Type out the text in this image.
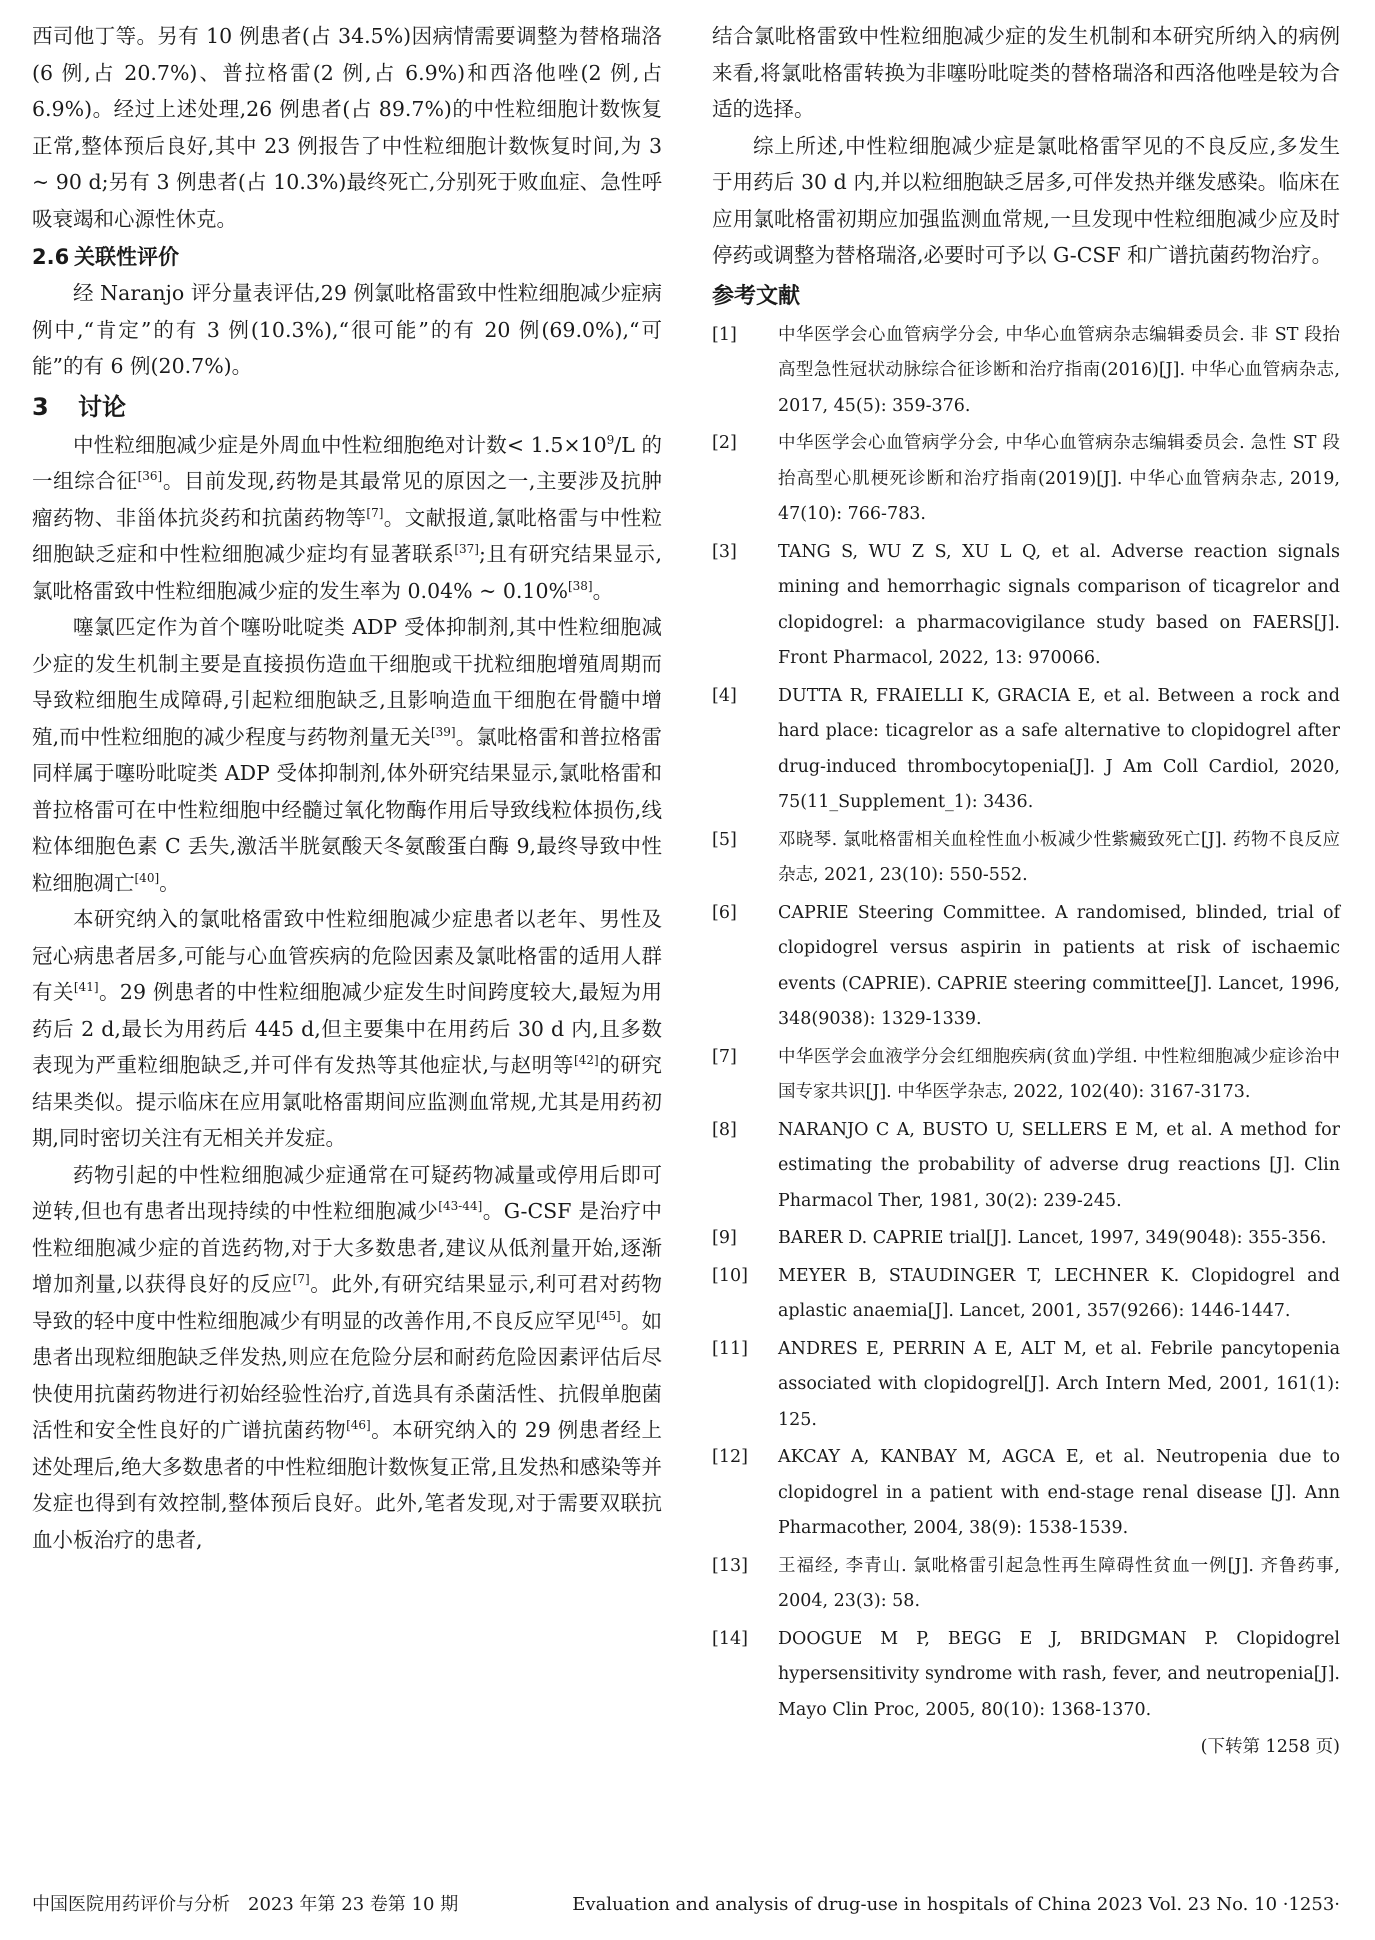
西司他丁等。另有 10 例患者(占 34.5%)因病情需要调整为替格瑞洛(6 例,占 20.7%)、普拉格雷(2 例,占 6.9%)和西洛他唑(2 例,占 6.9%)。经过上述处理,26 例患者(占 89.7%)的中性粒细胞计数恢复正常,整体预后良好,其中 23 例报告了中性粒细胞计数恢复时间,为 3 ~ 90 d;另有 3 例患者(占 10.3%)最终死亡,分别死于败血症、急性呼吸衰竭和心源性休克。

2.6 关联性评价

经 Naranjo 评分量表评估,29 例氯吡格雷致中性粒细胞减少症病例中,“肯定”的有 3 例(10.3%),“很可能”的有 20 例(69.0%),“可能”的有 6 例(20.7%)。

3 讨论

中性粒细胞减少症是外周血中性粒细胞绝对计数< $1.5\times 10^9/L$ 的一组综合征[36]。目前发现,药物是其最常见的原因之一,主要涉及抗肿瘤药物、非甾体抗炎药和抗菌药物等[7]。文献报道,氯吡格雷与中性粒细胞缺乏症和中性粒细胞减少症均有显著联系[37];且有研究结果显示,氯吡格雷致中性粒细胞减少症的发生率为 0.04% ~ 0.10%[38]。

噻氯匹定作为首个噻吩吡啶类 ADP 受体抑制剂,其中性粒细胞减少症的发生机制主要是直接损伤造血干细胞或干扰粒细胞增殖周期而导致粒细胞生成障碍,引起粒细胞缺乏,且影响造血干细胞在骨髓中增殖,而中性粒细胞的减少程度与药物剂量无关[39]。氯吡格雷和普拉格雷同样属于噻吩吡啶类 ADP 受体抑制剂,体外研究结果显示,氯吡格雷和普拉格雷可在中性粒细胞中经髓过氧化物酶作用后导致线粒体损伤,线粒体细胞色素 C 丢失,激活半胱氨酸天冬氨酸蛋白酶 9,最终导致中性粒细胞凋亡[40]。

本研究纳入的氯吡格雷致中性粒细胞减少症患者以老年、男性及冠心病患者居多,可能与心血管疾病的危险因素及氯吡格雷的适用人群有关[41]。29 例患者的中性粒细胞减少症发生时间跨度较大,最短为用药后 2 d,最长为用药后 445 d,但主要集中在用药后 30 d 内,且多数表现为严重粒细胞缺乏,并可伴有发热等其他症状,与赵明等[42]的研究结果类似。提示临床在应用氯吡格雷期间应监测血常规,尤其是用药初期,同时密切关注有无相关并发症。

药物引起的中性粒细胞减少症通常在可疑药物减量或停用后即可逆转,但也有患者出现持续的中性粒细胞减少[43-44]。G-CSF 是治疗中性粒细胞减少症的首选药物,对于大多数患者,建议从低剂量开始,逐渐增加剂量,以获得良好的反应[7]。此外,有研究结果显示,利可君对药物导致的轻中度中性粒细胞减少有明显的改善作用,不良反应罕见[45]。如患者出现粒细胞缺乏伴发热,则应在危险分层和耐药危险因素评估后尽快使用抗菌药物进行初始经验性治疗,首选具有杀菌活性、抗假单胞菌活性和安全性良好的广谱抗菌药物[46]。本研究纳入的 29 例患者经上述处理后,绝大多数患者的中性粒细胞计数恢复正常,且发热和感染等并发症也得到有效控制,整体预后良好。此外,笔者发现,对于需要双联抗血小板治疗的患者,

结合氯吡格雷致中性粒细胞减少症的发生机制和本研究所纳入的病例来看,将氯吡格雷转换为非噻吩吡啶类的替格瑞洛和西洛他唑是较为合适的选择。

综上所述,中性粒细胞减少症是氯吡格雷罕见的不良反应,多发生于用药后 30 d 内,并以粒细胞缺乏居多,可伴发热并继发感染。临床在应用氯吡格雷初期应加强监测血常规,一旦发现中性粒细胞减少应及时停药或调整为替格瑞洛,必要时可予以 G-CSF 和广谱抗菌药物治疗。

参考文献
[1]	中华医学会心血管病学分会, 中华心血管病杂志编辑委员会. 非 ST 段抬高型急性冠状动脉综合征诊断和治疗指南(2016)[J]. 中华心血管病杂志, 2017, 45(5): 359-376.
[2]	中华医学会心血管病学分会, 中华心血管病杂志编辑委员会. 急性 ST 段抬高型心肌梗死诊断和治疗指南(2019)[J]. 中华心血管病杂志, 2019, 47(10): 766-783.
[3]	TANG S, WU Z S, XU L Q, et al. Adverse reaction signals mining and hemorrhagic signals comparison of ticagrelor and clopidogrel: a pharmacovigilance study based on FAERS[J]. Front Pharmacol, 2022, 13: 970066.
[4]	DUTTA R, FRAIELLI K, GRACIA E, et al. Between a rock and hard place: ticagrelor as a safe alternative to clopidogrel after drug-induced thrombocytopenia[J]. J Am Coll Cardiol, 2020, 75(11_Supplement_1): 3436.
[5]	邓晓琴. 氯吡格雷相关血栓性血小板减少性紫癜致死亡[J]. 药物不良反应杂志, 2021, 23(10): 550-552.
[6]	CAPRIE Steering Committee. A randomised, blinded, trial of clopidogrel versus aspirin in patients at risk of ischaemic events (CAPRIE). CAPRIE steering committee[J]. Lancet, 1996, 348(9038): 1329-1339.
[7]	中华医学会血液学分会红细胞疾病(贫血)学组. 中性粒细胞减少症诊治中国专家共识[J]. 中华医学杂志, 2022, 102(40): 3167-3173.
[8]	NARANJO C A, BUSTO U, SELLERS E M, et al. A method for estimating the probability of adverse drug reactions [J]. Clin Pharmacol Ther, 1981, 30(2): 239-245.
[9]	BARER D. CAPRIE trial[J]. Lancet, 1997, 349(9048): 355-356.
[10]	MEYER B, STAUDINGER T, LECHNER K. Clopidogrel and aplastic anaemia[J]. Lancet, 2001, 357(9266): 1446-1447.
[11]	ANDRES E, PERRIN A E, ALT M, et al. Febrile pancytopenia associated with clopidogrel[J]. Arch Intern Med, 2001, 161(1): 125.
[12]	AKCAY A, KANBAY M, AGCA E, et al. Neutropenia due to clopidogrel in a patient with end-stage renal disease [J]. Ann Pharmacother, 2004, 38(9): 1538-1539.
[13]	王福经, 李青山. 氯吡格雷引起急性再生障碍性贫血一例[J]. 齐鲁药事, 2004, 23(3): 58.
[14]	DOOGUE M P, BEGG E J, BRIDGMAN P. Clopidogrel hypersensitivity syndrome with rash, fever, and neutropenia[J]. Mayo Clin Proc, 2005, 80(10): 1368-1370.
(下转第 1258 页)
中国医院用药评价与分析　2023 年第 23 卷第 10 期	Evaluation and analysis of drug-use in hospitals of China 2023 Vol. 23 No. 10 ·1253·
